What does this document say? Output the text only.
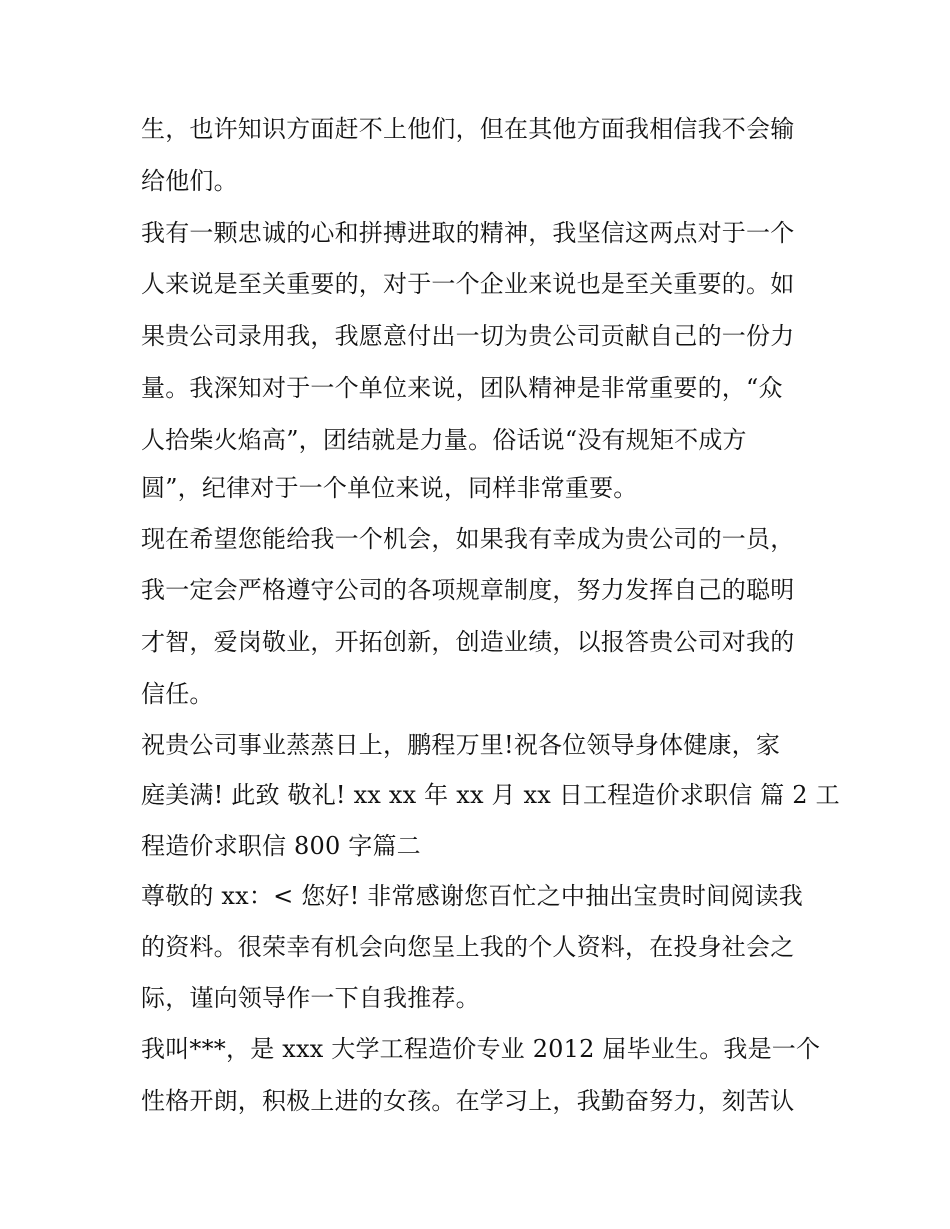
生，也许知识方面赶不上他们，但在其他方面我相信我不会输
给他们。
我有一颗忠诚的心和拼搏进取的精神，我坚信这两点对于一个
人来说是至关重要的，对于一个企业来说也是至关重要的。如
果贵公司录用我，我愿意付出一切为贵公司贡献自己的一份力
量。我深知对于一个单位来说，团队精神是非常重要的，“众
人拾柴火焰高”，团结就是力量。俗话说“没有规矩不成方
圆”，纪律对于一个单位来说，同样非常重要。
现在希望您能给我一个机会，如果我有幸成为贵公司的一员，
我一定会严格遵守公司的各项规章制度，努力发挥自己的聪明
才智，爱岗敬业，开拓创新，创造业绩，以报答贵公司对我的
信任。
祝贵公司事业蒸蒸日上，鹏程万里!祝各位领导身体健康，家
庭美满! 此致 敬礼! xx xx 年 xx 月 xx 日工程造价求职信 篇 2 工
程造价求职信 800 字篇二
尊敬的 xx：< 您好! 非常感谢您百忙之中抽出宝贵时间阅读我
的资料。很荣幸有机会向您呈上我的个人资料，在投身社会之
际，谨向领导作一下自我推荐。
我叫***，是 xxx 大学工程造价专业 2012 届毕业生。我是一个
性格开朗，积极上进的女孩。在学习上，我勤奋努力，刻苦认
